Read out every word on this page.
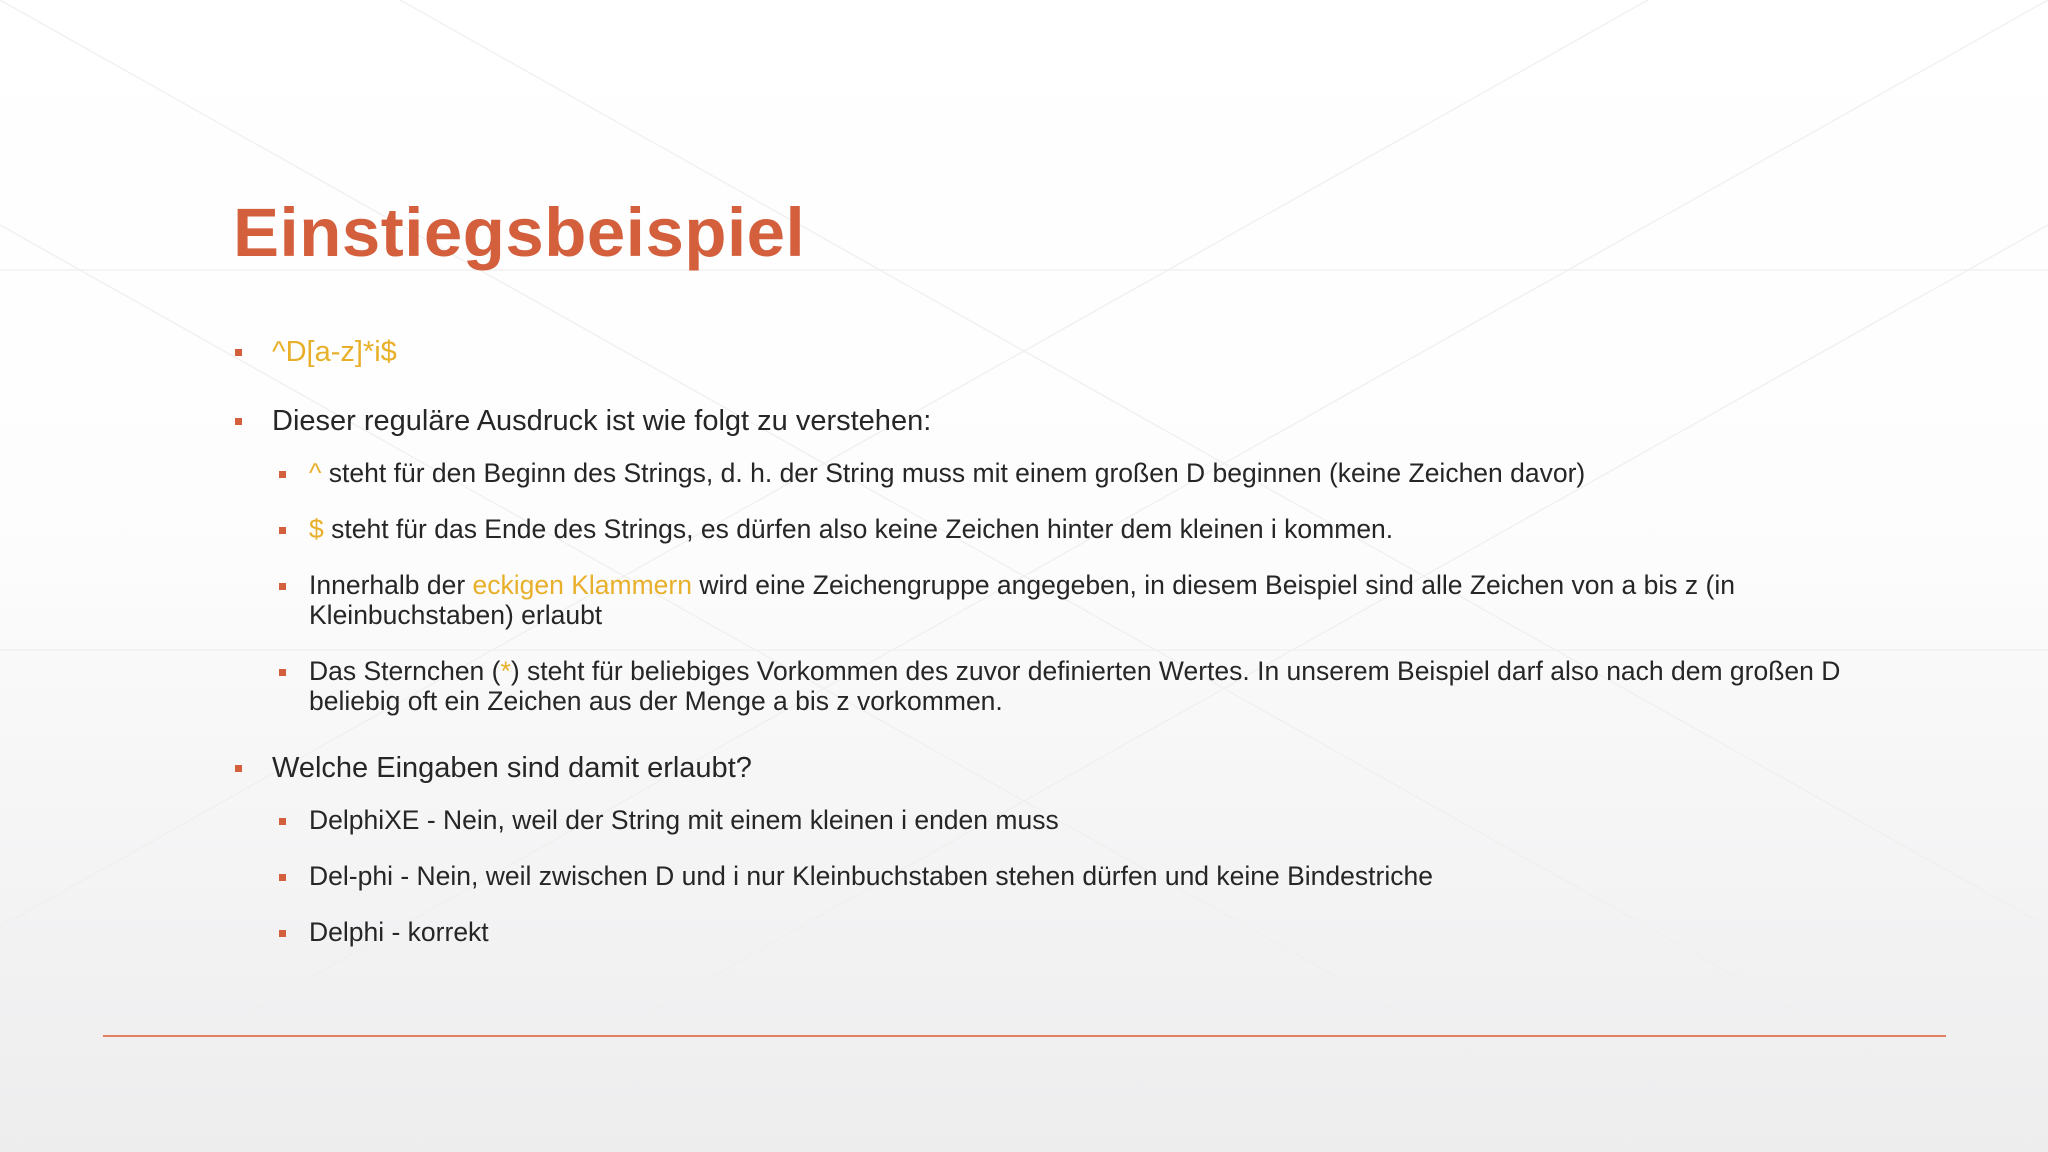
Einstiegsbeispiel
^D[a-z]*i$
Dieser reguläre Ausdruck ist wie folgt zu verstehen:
^ steht für den Beginn des Strings, d. h. der String muss mit einem großen D beginnen (keine Zeichen davor)
$ steht für das Ende des Strings, es dürfen also keine Zeichen hinter dem kleinen i kommen.
Innerhalb der eckigen Klammern wird eine Zeichengruppe angegeben, in diesem Beispiel sind alle Zeichen von a bis z (in Kleinbuchstaben) erlaubt
Das Sternchen (*) steht für beliebiges Vorkommen des zuvor definierten Wertes. In unserem Beispiel darf also nach dem großen D beliebig oft ein Zeichen aus der Menge a bis z vorkommen.
Welche Eingaben sind damit erlaubt?
DelphiXE - Nein, weil der String mit einem kleinen i enden muss
Del-phi - Nein, weil zwischen D und i nur Kleinbuchstaben stehen dürfen und keine Bindestriche
Delphi - korrekt
